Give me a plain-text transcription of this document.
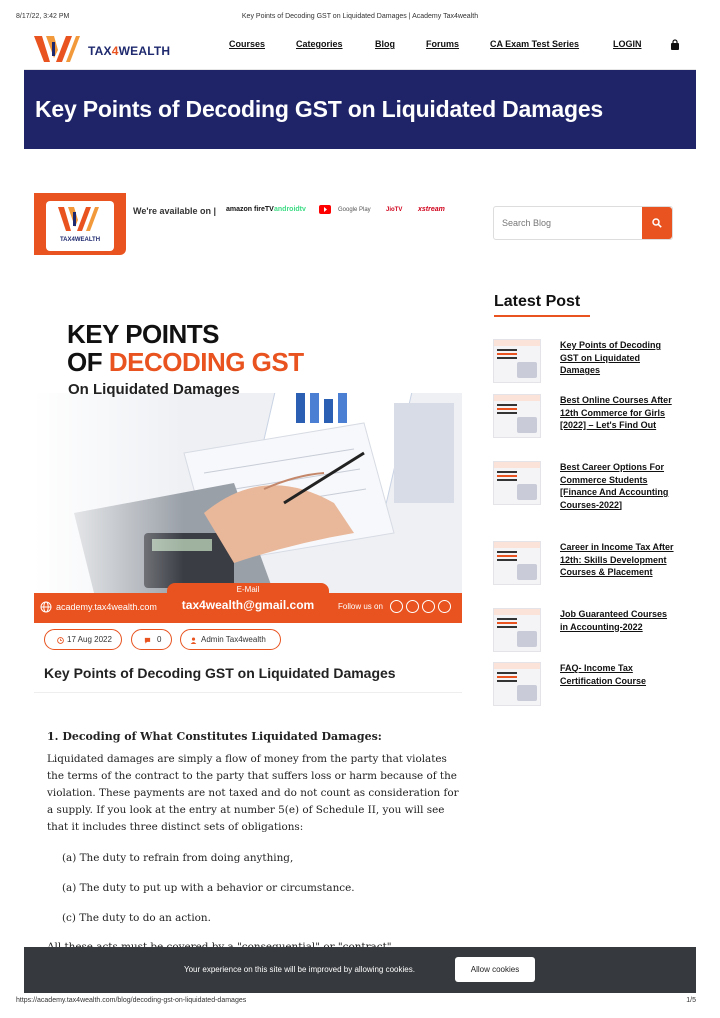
8/17/22, 3:42 PM	Key Points of Decoding GST on Liquidated Damages | Academy Tax4wealth
TAX4WEALTH	Courses	Categories	Blog	Forums	CA Exam Test Series	LOGIN
Key Points of Decoding GST on Liquidated Damages
TAX4WEALTH
We're available on | amazon fireTV androidtv	Google Play	JioTV xstream
KEY POINTS
OF DECODING GST
On Liquidated Damages
academy.tax4wealth.com
E-Mail
tax4wealth@gmail.com	Follow us on
17 Aug 2022	0	Admin Tax4wealth
Key Points of Decoding GST on Liquidated Damages
1. Decoding of What Constitutes Liquidated Damages:

Liquidated damages are simply a flow of money from the party that violates the terms of the contract to the party that suffers loss or harm because of the violation. These payments are not taxed and do not count as consideration for a supply. If you look at the entry at number 5(e) of Schedule II, you will see that it includes three distinct sets of obligations:

(a) The duty to refrain from doing anything,
(a) The duty to put up with a behavior or circumstance.
(c) The duty to do an action.
Search Blog
Latest Post
Key Points of Decoding GST on Liquidated Damages
Best Online Courses After 12th Commerce for Girls [2022] – Let's Find Out
Best Career Options For Commerce Students [Finance And Accounting Courses-2022]
Career in Income Tax After 12th: Skills Development Courses & Placement
Job Guaranteed Courses in Accounting-2022
FAQ- Income Tax Certification Course
Your experience on this site will be improved by allowing cookies.	Allow cookies
https://academy.tax4wealth.com/blog/decoding-gst-on-liquidated-damages	1/5
